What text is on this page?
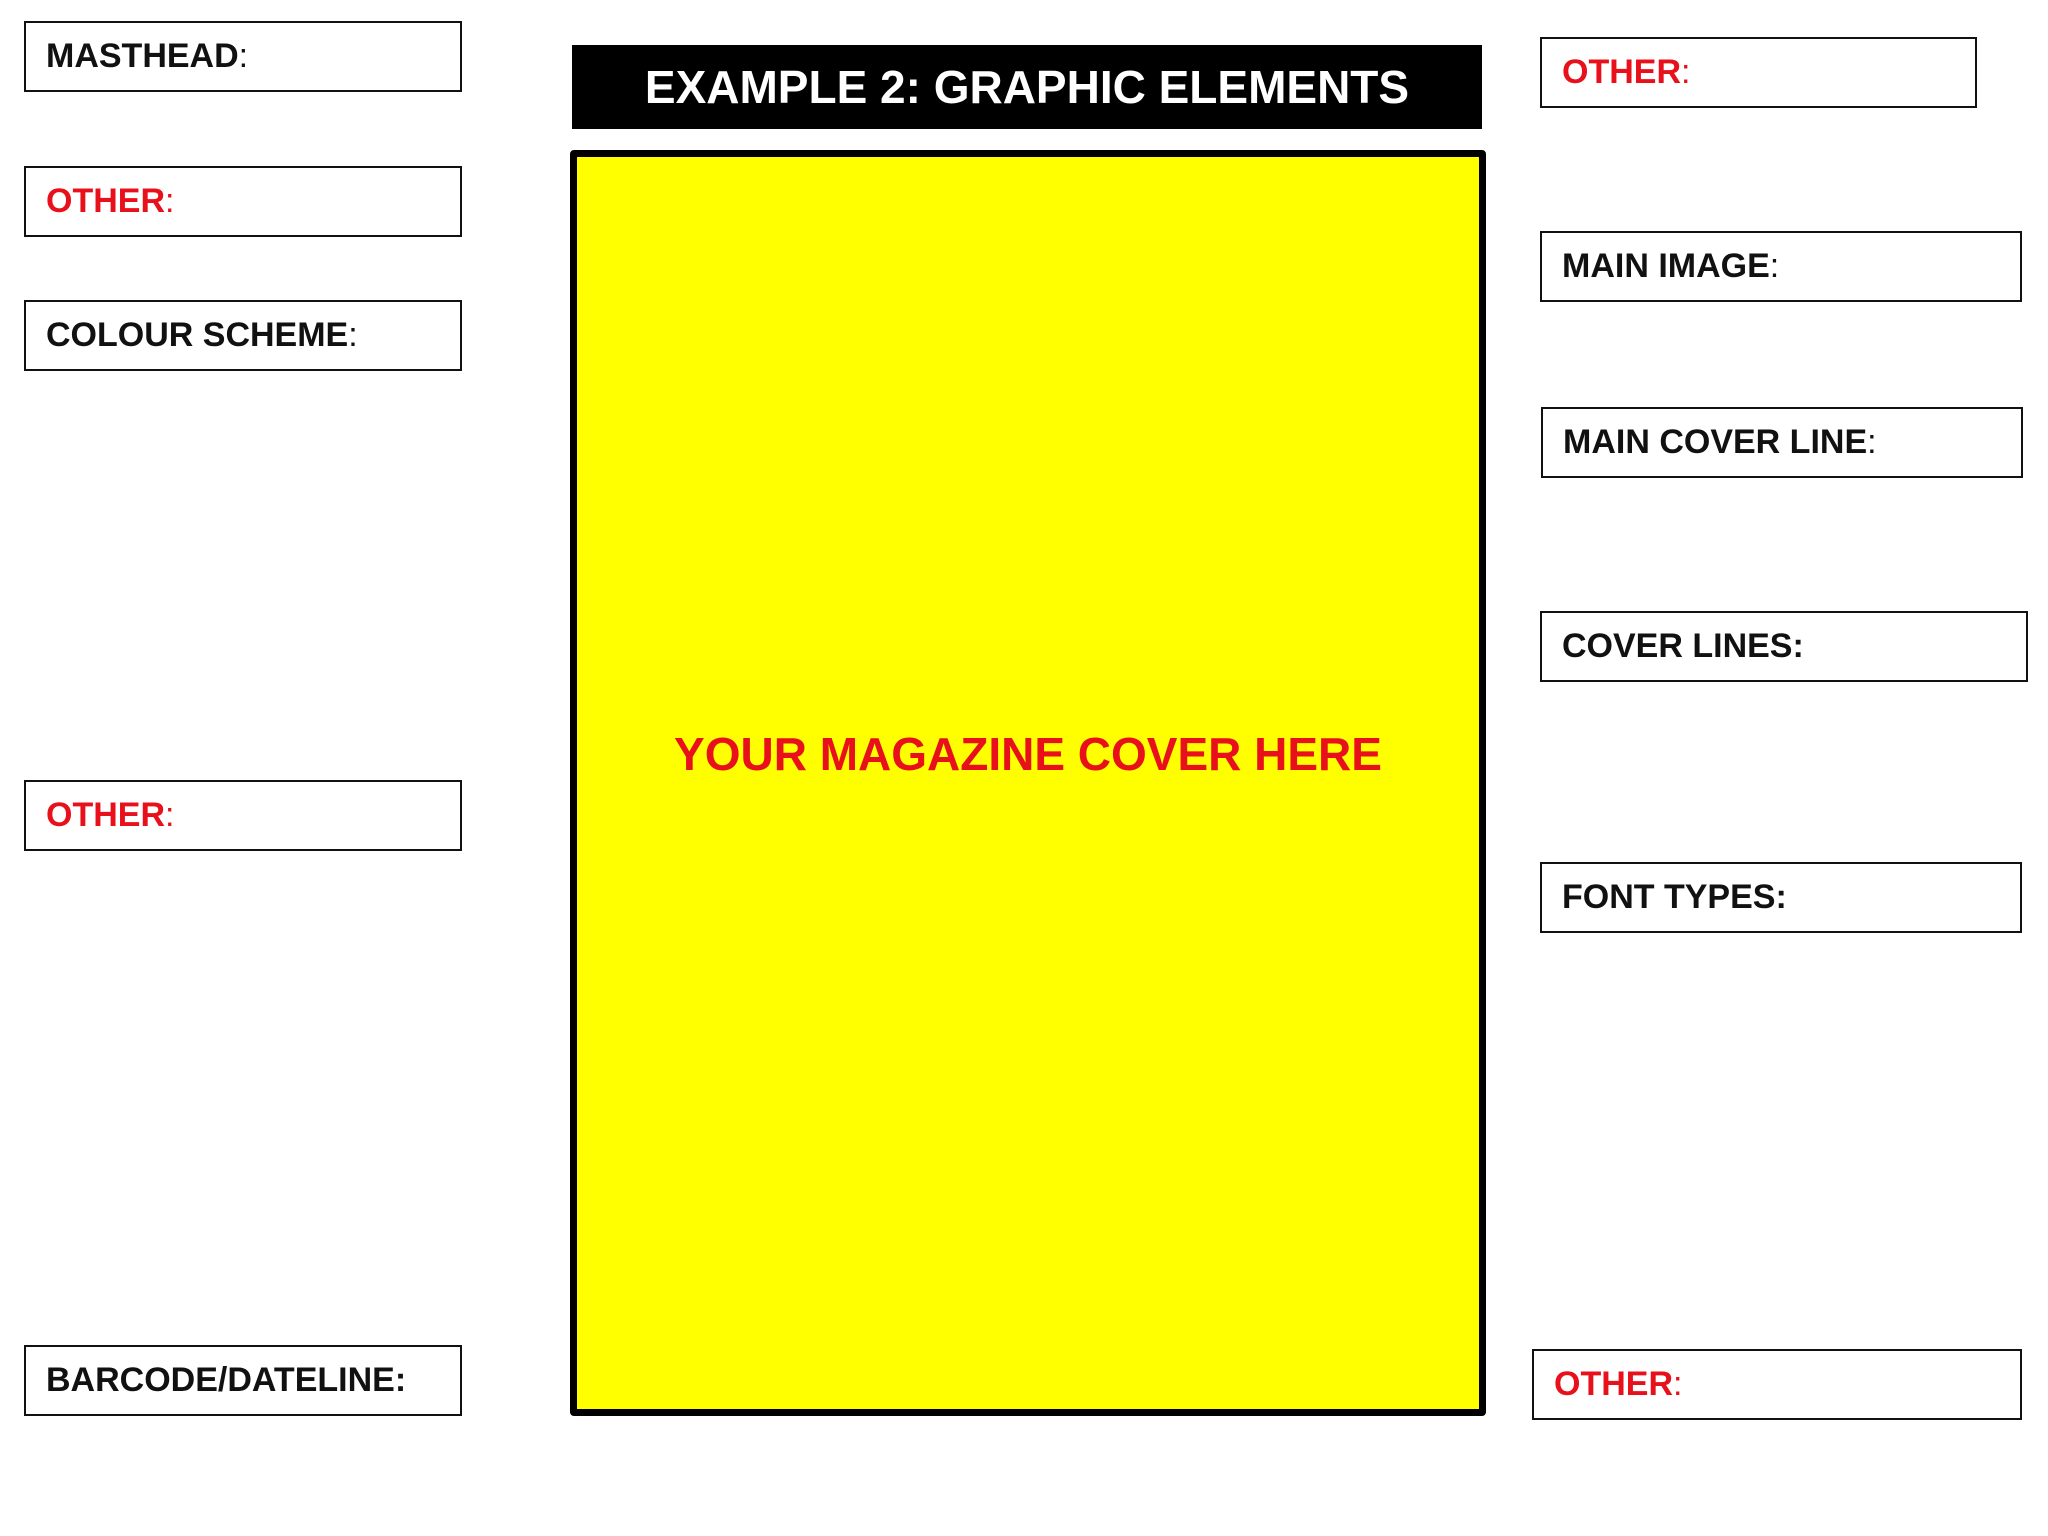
MASTHEAD :
OTHER :
COLOUR SCHEME :
OTHER :
BARCODE/DATELINE :
EXAMPLE 2: GRAPHIC ELEMENTS
YOUR MAGAZINE COVER HERE
OTHER :
MAIN IMAGE :
MAIN COVER LINE :
COVER LINES :
FONT TYPES :
OTHER :
